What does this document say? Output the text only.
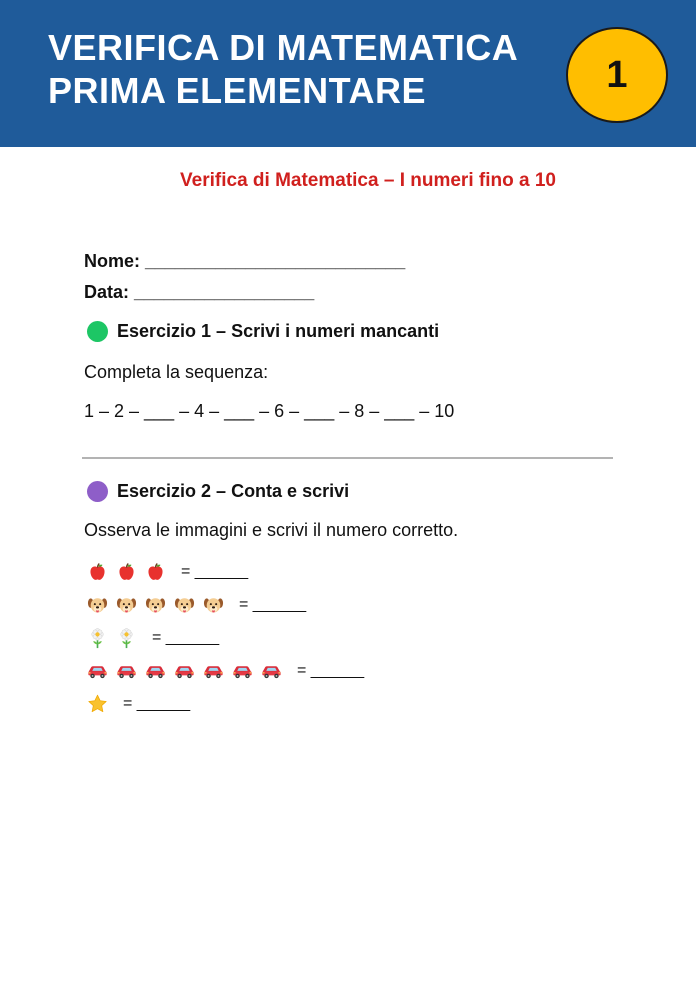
VERIFICA DI MATEMATICA
PRIMA ELEMENTARE	1
Verifica di Matematica – I numeri fino a 10

Nome: __________________________

Data: __________________

Esercizio 1 – Scrivi i numeri mancanti

Completa la sequenza:

1 – 2 – ___ – 4 – ___ – 6 – ___ – 8 – ___ – 10

Esercizio 2 – Conta e scrivi

Osserva le immagini e scrivi il numero corretto.

= ______
= ______
= ______
= ______
= ______
